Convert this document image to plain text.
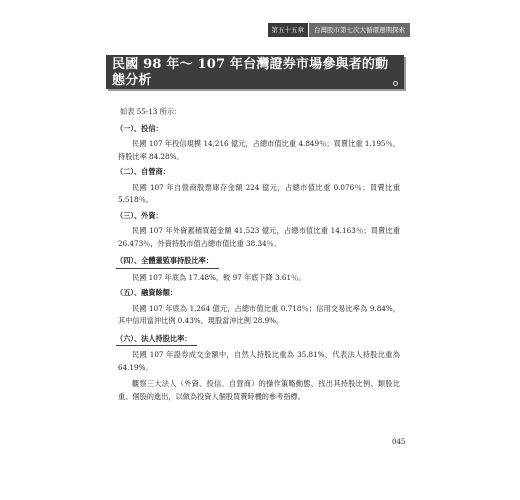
第五十五章	台灣股市第七次大循環週期探索
民國 98 年～ 107 年台灣證券市場參與者的動態分析
如表 55-13 所示：
（一）、投信：
民國 107 年投信規模 14,216 億元，占總市值比重 4.849％；買賣比重 1.195％，持股比率 84.28%。
（二）、自營商：
民國 107 年自營商股票庫存金額 224 億元，占總市值比重 0.076％；買賣比重 5.518％。
（三）、外資：
民國 107 年外資累積買超金額 41,523 億元，占總市值比重 14.163％；買賣比重 26.473％，外資持股市值占總市值比重 38.34％。
（四）、全體董監事持股比率：
民國 107 年底為 17.48%，較 97 年底下降 3.61％。
（五）、融資餘額：
民國 107 年底為 1,264 億元，占總市值比重 0.718％；信用交易比率為 9.84%，其中信用當沖比例 0.43%，現股當沖比例 28.9%。
（六）、法人持股比率：
民國 107 年證券成交金額中，自然人持股比重為 35.81%，代表法人持股比重為 64.19%。
觀察三大法人（外資、投信、自營商）的操作策略動態，找出其持股比例、類股比重、個股的進出，以做為投資人個股買賣時機的參考指標。
045
